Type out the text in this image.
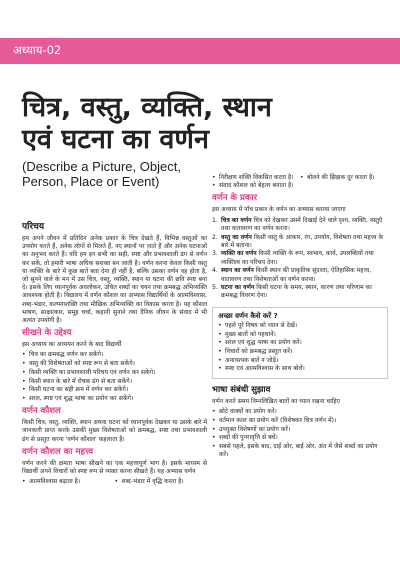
अध्याय-02
चित्र, वस्तु, व्यक्ति, स्थान
एवं घटना का वर्णन
(Describe a Picture, Object,
Person, Place or Event)
परिचय

हम अपने जीवन में प्रतिदिन अनेक प्रकार के चित्र देखते हैं, विभिन्न वस्तुओं का उपयोग करते हैं, अनेक लोगों से मिलते हैं, नए स्थानों पर जाते हैं और अनेक घटनाओं का अनुभव करते हैं। यदि हम इन सभी का सही, स्पष्ट और प्रभावशाली ढंग से वर्णन कर सकें, तो हमारी भाषा अधिक सशक्त बन जाती है। वर्णन करना केवल किसी वस्तु या व्यक्ति के बारे में कुछ बातें बता देना ही नहीं है, बल्कि उसका वर्णन वह होता है, जो सुनने वाले के मन में उस चित्र, वस्तु, व्यक्ति, स्थान या घटना की छवि स्पष्ट बना दे। इसके लिए ध्यानपूर्वक अवलोकन, उचित शब्दों का चयन तथा क्रमबद्ध अभिव्यक्ति आवश्यक होती है। विद्यालय में वर्णन कौशल का अभ्यास विद्यार्थियों के आत्मविश्वास, शब्द-भंडार, कल्पनाशक्ति तथा मौखिक अभिव्यक्ति का विकास करता है। यह कौशल भाषण, साक्षात्कार, समूह चर्चा, कहानी सुनाने तथा दैनिक जीवन के संवाद में भी अत्यंत उपयोगी है।

सीखने के उद्देश्य

इस अध्याय का अध्ययन करने के बाद विद्यार्थी

• चित्र का क्रमबद्ध वर्णन कर सकेंगे।
• वस्तु की विशेषताओं को स्पष्ट रूप से बता सकेंगे।
• किसी व्यक्ति का प्रभावशाली परिचय एवं वर्णन कर सकेंगे।
• किसी स्थान के बारे में रोचक ढंग से बता सकेंगे।
• किसी घटना का सही क्रम में वर्णन कर सकेंगे।
• सरल, स्पष्ट एवं शुद्ध भाषा का प्रयोग कर सकेंगे।
वर्णन कौशल

किसी चित्र, वस्तु, व्यक्ति, स्थान अथवा घटना को ध्यानपूर्वक देखकर या उसके बारे में जानकारी प्राप्त करके उसकी मुख्य विशेषताओं को क्रमबद्ध, स्पष्ट तथा प्रभावशाली ढंग से प्रस्तुत करना 'वर्णन कौशल' कहलाता है।

वर्णन कौशल का महत्त्व

वर्णन करने की क्षमता भाषा सीखने का एक महत्त्वपूर्ण भाग है। इसके माध्यम से विद्यार्थी अपने विचारों को स्पष्ट रूप से व्यक्त करना सीखते हैं। यह अभ्यास वर्णन

• आत्मविश्वास बढ़ाता है।	• शब्द-भंडार में वृद्धि करता है।
• निरीक्षण शक्ति विकसित करता है।	• बोलने की झिझक दूर करता है।
• संवाद कौशल को बेहतर बनाता है।
वर्णन के प्रकार

इस अध्याय में पाँच प्रकार के वर्णन का अभ्यास कराया जाएगा

चित्र का वर्णन चित्र को देखकर उसमें दिखाई देने वाले दृश्य, व्यक्ति, वस्तुएँ तथा वातावरण का वर्णन करना।
वस्तु का वर्णन किसी वस्तु के आकार, रंग, उपयोग, विशेषता तथा महत्त्व के बारे में बताना।
व्यक्ति का वर्णन किसी व्यक्ति के रूप, स्वभाव, कार्य, उपलब्धियों तथा व्यक्तित्व का परिचय देना।
स्थान का वर्णन किसी स्थान की प्राकृतिक सुंदरता, ऐतिहासिक महत्त्व, वातावरण तथा विशेषताओं का वर्णन करना।
घटना का वर्णन किसी घटना के समय, स्थान, कारण तथा परिणाम का क्रमबद्ध विवरण देना।
अच्छा वर्णन कैसे करें ?
• पहले पूरे विषय को ध्यान से देखें।
• मुख्य बातों को पहचानें।
• सरल एवं शुद्ध भाषा का प्रयोग करें।
• विचारों को क्रमबद्ध प्रस्तुत करें।
• अनावश्यक बातें न जोड़ें।
• स्पष्ट एवं आत्मविश्वास के साथ बोलें।
भाषा संबंधी सुझाव

वर्णन करते समय निम्नलिखित बातों का ध्यान रखना चाहिए

• छोटे वाक्यों का प्रयोग करें।
• वर्तमान काल का प्रयोग करें (विशेषकर चित्र वर्णन में)।
• उपयुक्त विशेषणों का प्रयोग करें।
• शब्दों की पुनरावृत्ति से बचें।
• सबसे पहले, इसके बाद, दाईं ओर, बाईं ओर, अंत में जैसे शब्दों का प्रयोग करें।
